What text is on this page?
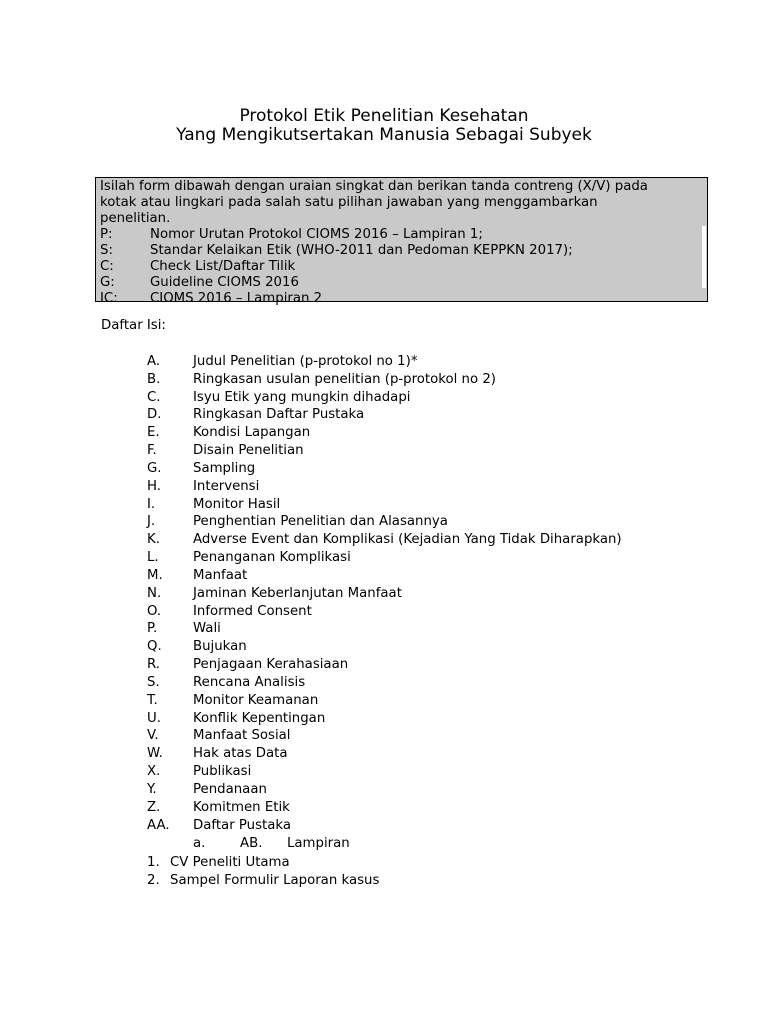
Protokol Etik Penelitian Kesehatan
Yang Mengikutsertakan Manusia Sebagai Subyek
Isilah form dibawah dengan uraian singkat dan berikan tanda contreng (X/V) pada
kotak atau lingkari pada salah satu pilihan jawaban yang menggambarkan
penelitian.
P:	Nomor Urutan Protokol CIOMS 2016 – Lampiran 1;
S:	Standar Kelaikan Etik (WHO-2011 dan Pedoman KEPPKN 2017);
C:	Check List/Daftar Tilik
G:	Guideline CIOMS 2016
IC:	CIOMS 2016 – Lampiran 2
Daftar Isi:
A.	Judul Penelitian (p-protokol no 1)*
B.	Ringkasan usulan penelitian (p-protokol no 2)
C.	Isyu Etik yang mungkin dihadapi
D.	Ringkasan Daftar Pustaka
E.	Kondisi Lapangan
F.	Disain Penelitian
G.	Sampling
H.	Intervensi
I.	Monitor Hasil
J.	Penghentian Penelitian dan Alasannya
K.	Adverse Event dan Komplikasi (Kejadian Yang Tidak Diharapkan)
L.	Penanganan Komplikasi
M.	Manfaat
N.	Jaminan Keberlanjutan Manfaat
O.	Informed Consent
P.	Wali
Q.	Bujukan
R.	Penjagaan Kerahasiaan
S.	Rencana Analisis
T.	Monitor Keamanan
U.	Konflik Kepentingan
V.	Manfaat Sosial
W.	Hak atas Data
X.	Publikasi
Y.	Pendanaan
Z.	Komitmen Etik
AA.	Daftar Pustaka
a.	AB.	Lampiran
1. CV Peneliti Utama
2. Sampel Formulir Laporan kasus
